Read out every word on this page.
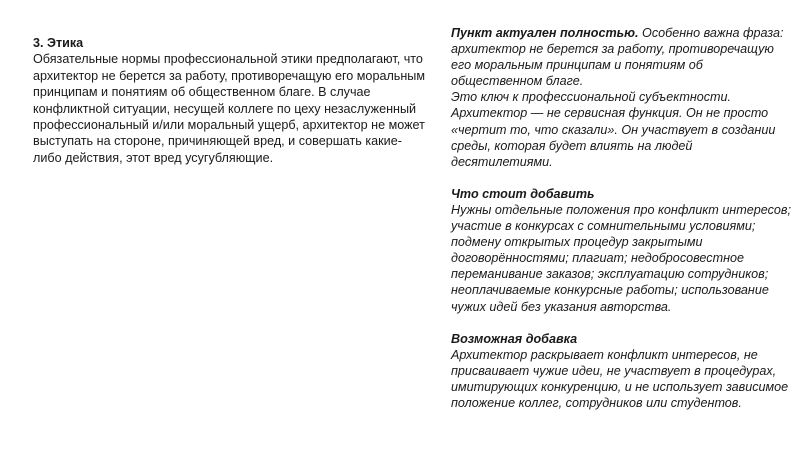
3. Этика

Обязательные нормы профессиональной этики предполагают, что архитектор не берется за работу, противоречащую его моральным принципам и понятиям об общественном благе. В случае конфликтной ситуации, несущей коллеге по цеху незаслуженный профессиональный и/или моральный ущерб, архитектор не может выступать на стороне, причиняющей вред, и совершать какие-либо действия, этот вред усугубляющие.

Пункт актуален полностью. Особенно важна фраза: архитектор не берется за работу, противоречащую его моральным принципам и понятиям об общественном благе.
Это ключ к профессиональной субъектности.
Архитектор — не сервисная функция. Он не просто «чертит то, что сказали». Он участвует в создании среды, которая будет влиять на людей десятилетиями.
Что стоит добавить
Нужны отдельные положения про конфликт интересов; участие в конкурсах с сомнительными условиями; подмену открытых процедур закрытыми договорённостями; плагиат; недобросовестное переманивание заказов; эксплуатацию сотрудников; неоплачиваемые конкурсные работы; использование чужих идей без указания авторства.
Возможная добавка
Архитектор раскрывает конфликт интересов, не присваивает чужие идеи, не участвует в процедурах, имитирующих конкуренцию, и не использует зависимое положение коллег, сотрудников или студентов.
